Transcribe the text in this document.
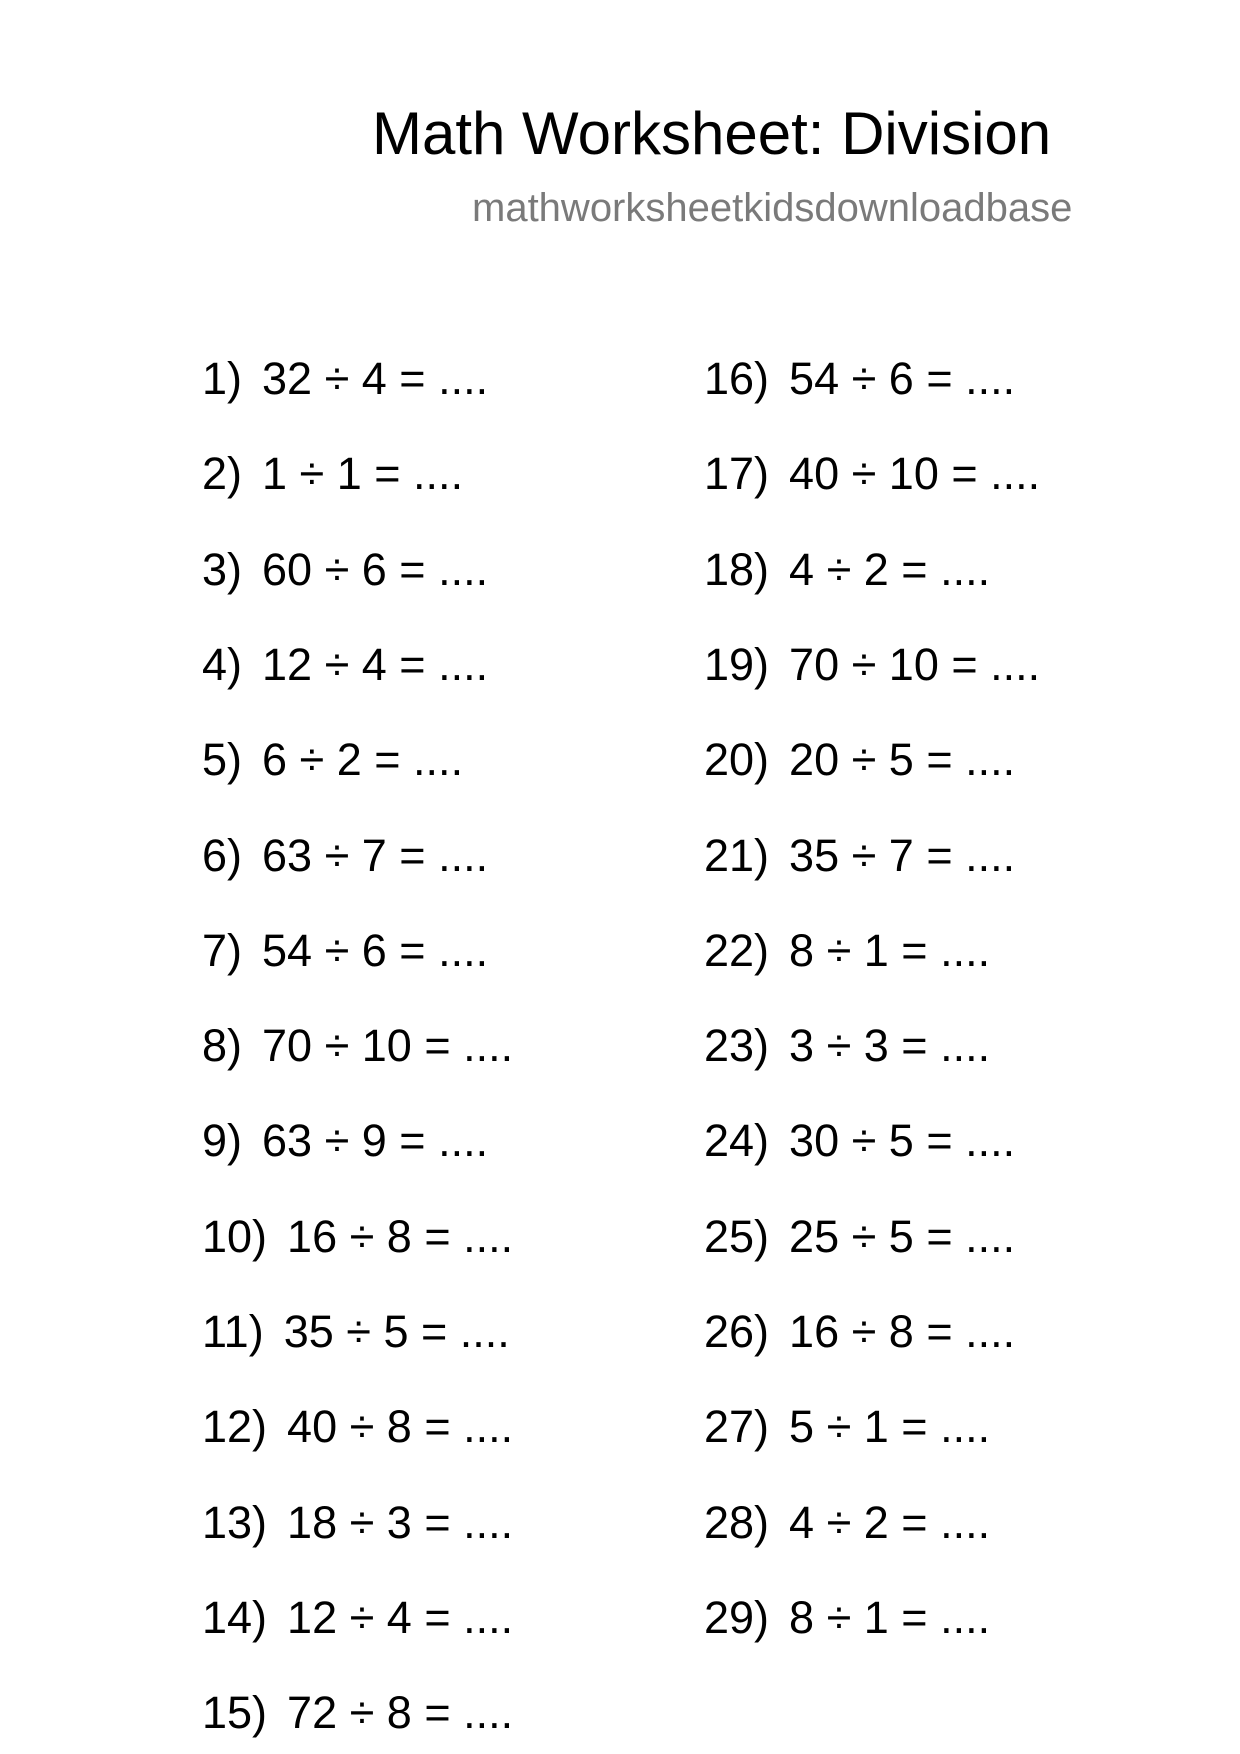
Math Worksheet: Division
mathworksheetkidsdownloadbase
1) 32 ÷ 4 = ....
2) 1 ÷ 1 = ....
3) 60 ÷ 6 = ....
4) 12 ÷ 4 = ....
5) 6 ÷ 2 = ....
6) 63 ÷ 7 = ....
7) 54 ÷ 6 = ....
8) 70 ÷ 10 = ....
9) 63 ÷ 9 = ....
10) 16 ÷ 8 = ....
11) 35 ÷ 5 = ....
12) 40 ÷ 8 = ....
13) 18 ÷ 3 = ....
14) 12 ÷ 4 = ....
15) 72 ÷ 8 = ....
16) 54 ÷ 6 = ....
17) 40 ÷ 10 = ....
18) 4 ÷ 2 = ....
19) 70 ÷ 10 = ....
20) 20 ÷ 5 = ....
21) 35 ÷ 7 = ....
22) 8 ÷ 1 = ....
23) 3 ÷ 3 = ....
24) 30 ÷ 5 = ....
25) 25 ÷ 5 = ....
26) 16 ÷ 8 = ....
27) 5 ÷ 1 = ....
28) 4 ÷ 2 = ....
29) 8 ÷ 1 = ....
